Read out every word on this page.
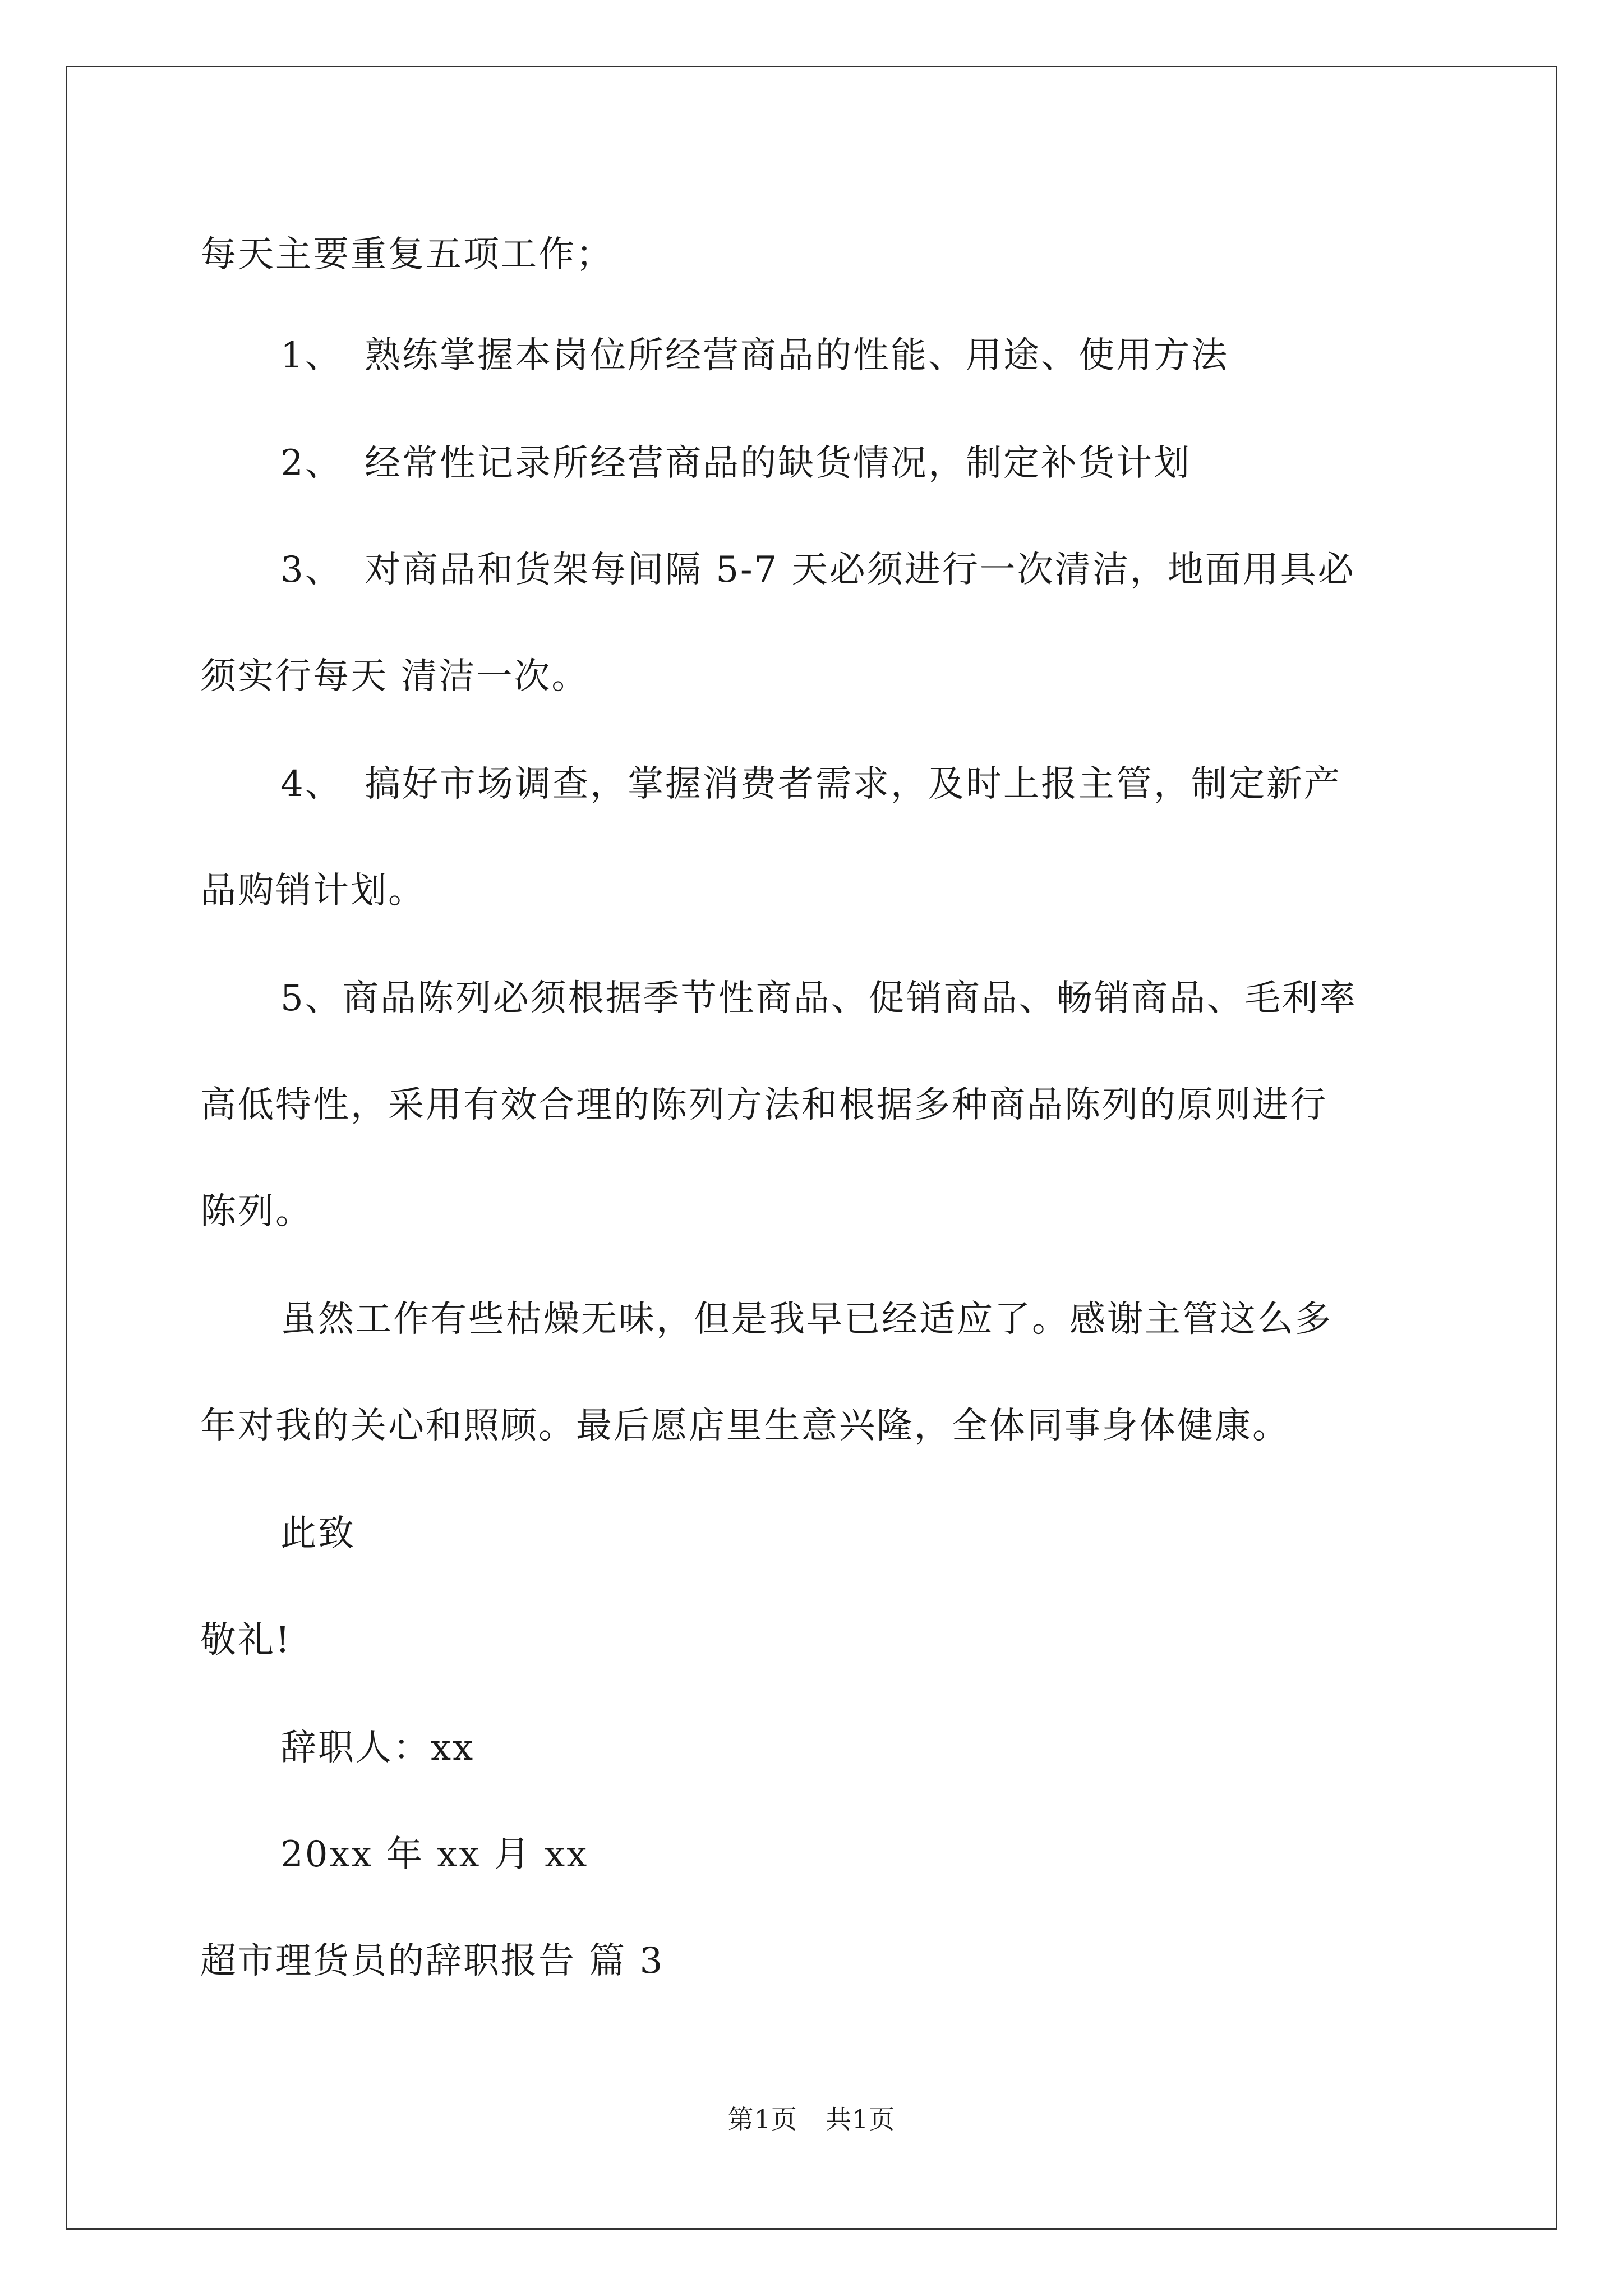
每天主要重复五项工作；
1、 熟练掌握本岗位所经营商品的性能、用途、使用方法
2、 经常性记录所经营商品的缺货情况，制定补货计划
3、 对商品和货架每间隔 5-7 天必须进行一次清洁，地面用具必
须实行每天 清洁一次。
4、 搞好市场调查，掌握消费者需求，及时上报主管，制定新产
品购销计划。
5、商品陈列必须根据季节性商品、促销商品、畅销商品、毛利率
高低特性，采用有效合理的陈列方法和根据多种商品陈列的原则进行
陈列。
虽然工作有些枯燥无味，但是我早已经适应了。感谢主管这么多
年对我的关心和照顾。最后愿店里生意兴隆，全体同事身体健康。
此致
敬礼!
辞职人：xx
20xx 年 xx 月 xx
超市理货员的辞职报告 篇 3
第1页 共1页
